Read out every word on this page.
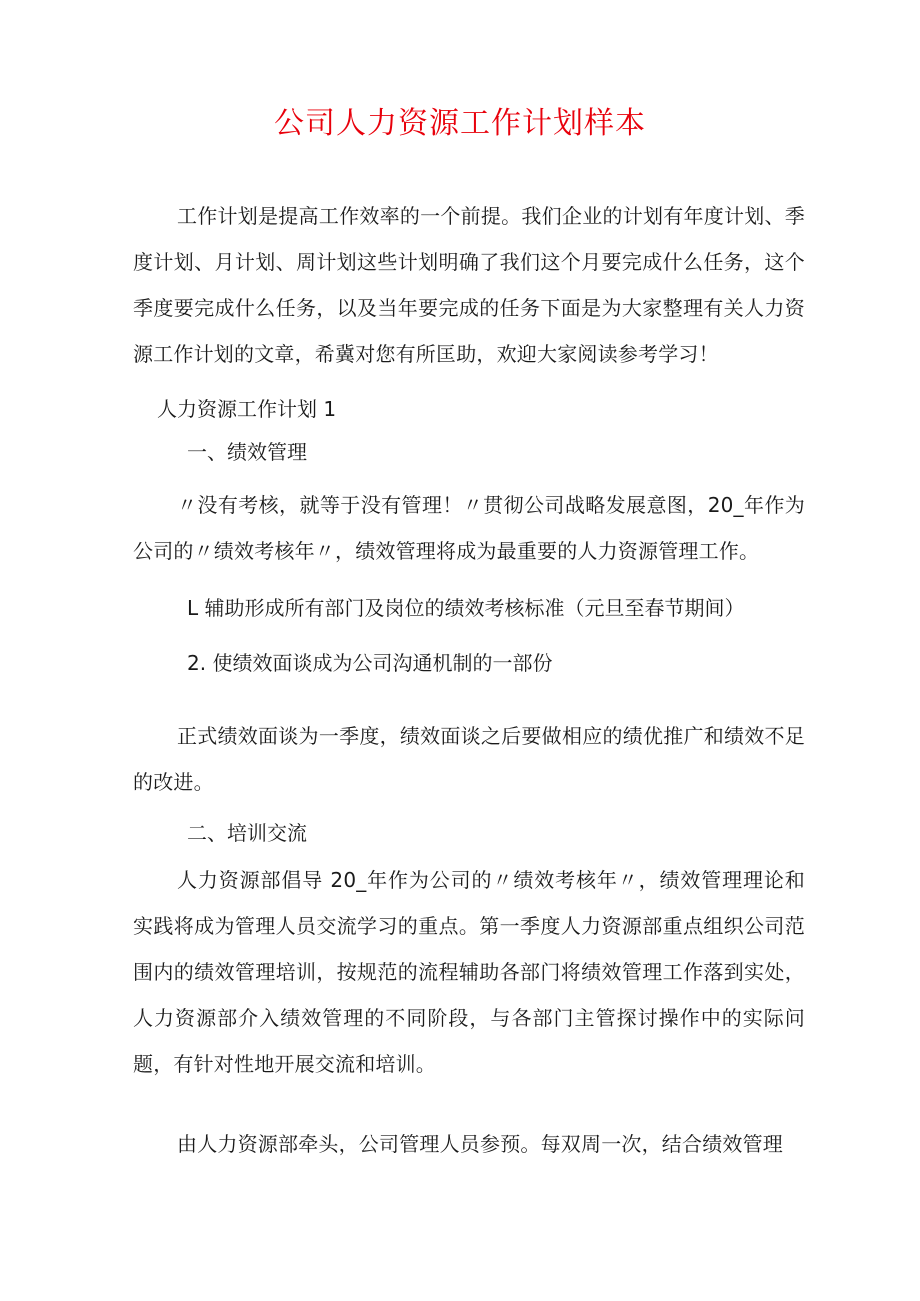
公司人力资源工作计划样本

工作计划是提高工作效率的一个前提。我们企业的计划有年度计划、季度计划、月计划、周计划这些计划明确了我们这个月要完成什么任务，这个季度要完成什么任务，以及当年要完成的任务下面是为大家整理有关人力资源工作计划的文章，希冀对您有所匡助，欢迎大家阅读参考学习！

人力资源工作计划 1
一、绩效管理

〃没有考核，就等于没有管理！〃贯彻公司战略发展意图，20_年作为公司的〃绩效考核年〃，绩效管理将成为最重要的人力资源管理工作。

L 辅助形成所有部门及岗位的绩效考核标准（元旦至春节期间）
2. 使绩效面谈成为公司沟通机制的一部份

正式绩效面谈为一季度，绩效面谈之后要做相应的绩优推广和绩效不足的改进。

二、培训交流

人力资源部倡导 20_年作为公司的〃绩效考核年〃，绩效管理理论和实践将成为管理人员交流学习的重点。第一季度人力资源部重点组织公司范围内的绩效管理培训，按规范的流程辅助各部门将绩效管理工作落到实处，人力资源部介入绩效管理的不同阶段，与各部门主管探讨操作中的实际问题，有针对性地开展交流和培训。

由人力资源部牵头，公司管理人员参预。每双周一次，结合绩效管理
